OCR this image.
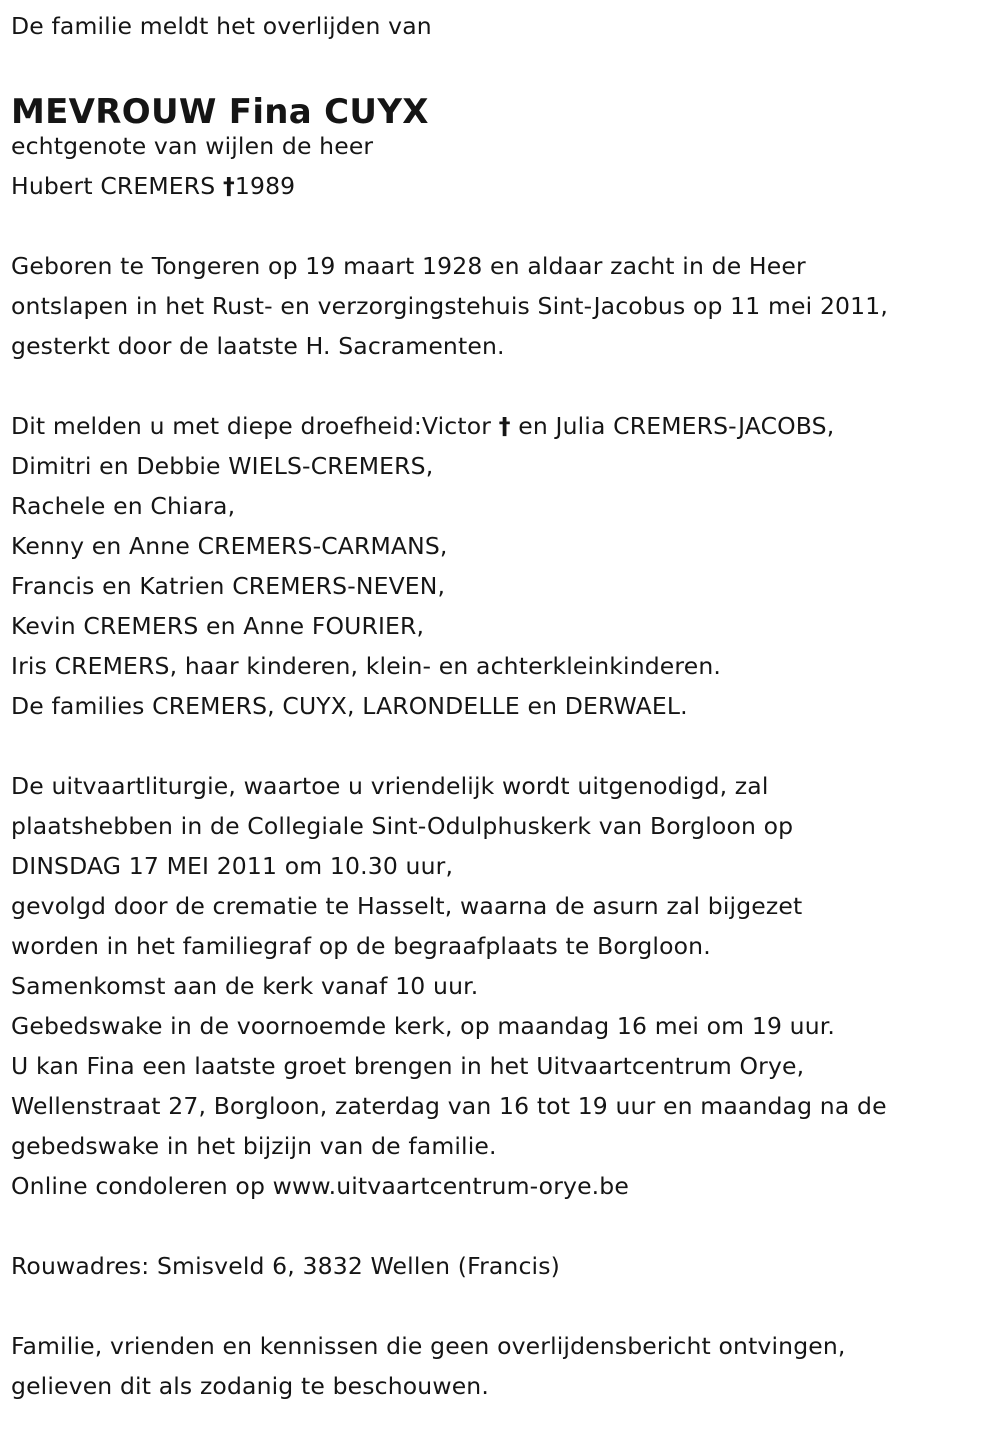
De familie meldt het overlijden van
MEVROUW Fina CUYX
echtgenote van wijlen de heer
Hubert CREMERS †1989
Geboren te Tongeren op 19 maart 1928 en aldaar zacht in de Heer
ontslapen in het Rust- en verzorgingstehuis Sint-Jacobus op 11 mei 2011,
gesterkt door de laatste H. Sacramenten.
Dit melden u met diepe droefheid:Victor † en Julia CREMERS-JACOBS,
Dimitri en Debbie WIELS-CREMERS,
Rachele en Chiara,
Kenny en Anne CREMERS-CARMANS,
Francis en Katrien CREMERS-NEVEN,
Kevin CREMERS en Anne FOURIER,
Iris CREMERS, haar kinderen, klein- en achterkleinkinderen.
De families CREMERS, CUYX, LARONDELLE en DERWAEL.
De uitvaartliturgie, waartoe u vriendelijk wordt uitgenodigd, zal
plaatshebben in de Collegiale Sint-Odulphuskerk van Borgloon op
DINSDAG 17 MEI 2011 om 10.30 uur,
gevolgd door de crematie te Hasselt, waarna de asurn zal bijgezet
worden in het familiegraf op de begraafplaats te Borgloon.
Samenkomst aan de kerk vanaf 10 uur.
Gebedswake in de voornoemde kerk, op maandag 16 mei om 19 uur.
U kan Fina een laatste groet brengen in het Uitvaartcentrum Orye,
Wellenstraat 27, Borgloon, zaterdag van 16 tot 19 uur en maandag na de
gebedswake in het bijzijn van de familie.
Online condoleren op www.uitvaartcentrum-orye.be
Rouwadres: Smisveld 6, 3832 Wellen (Francis)
Familie, vrienden en kennissen die geen overlijdensbericht ontvingen,
gelieven dit als zodanig te beschouwen.
